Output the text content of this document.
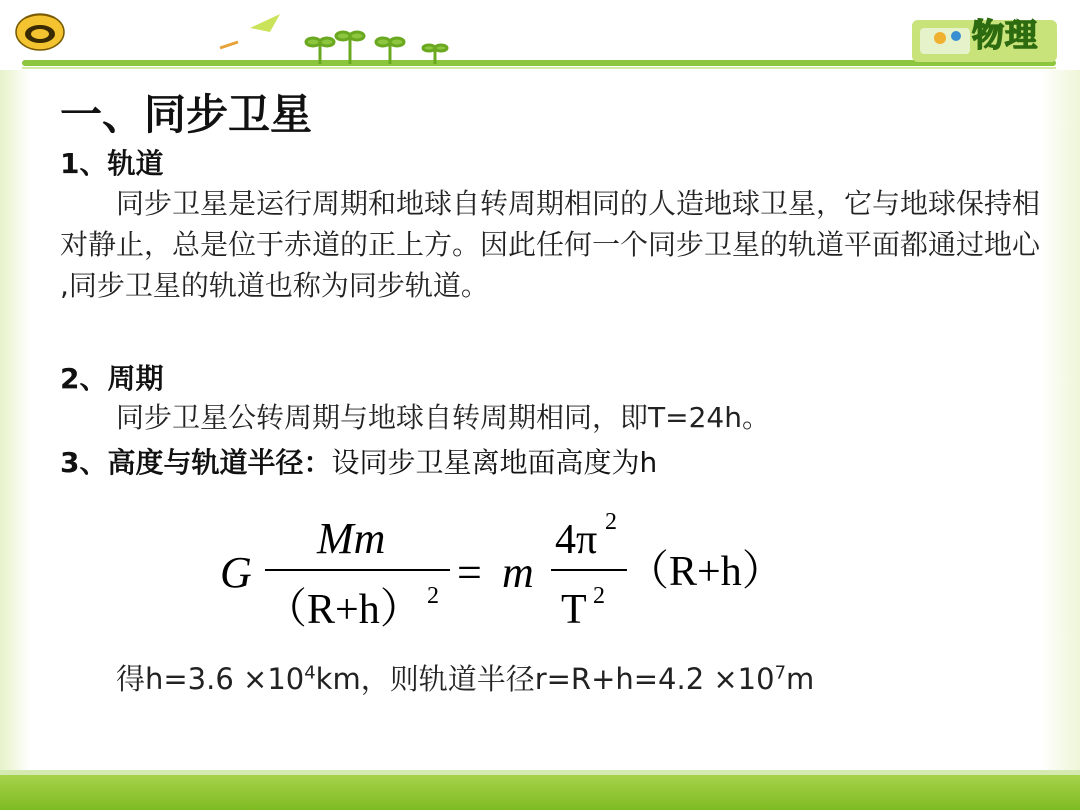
物理
一、同步卫星
1、轨道
同步卫星是运行周期和地球自转周期相同的人造地球卫星，它与地球保持相对静止，总是位于赤道的正上方。因此任何一个同步卫星的轨道平面都通过地心 ,同步卫星的轨道也称为同步轨道。
2、周期
同步卫星公转周期与地球自转周期相同，即T=24h。
3、高度与轨道半径：设同步卫星离地面高度为h
G
Mm
（R+h） 2 = m
4π 2
T 2
（R+h）
得$h=3.6 \times 10^4km$，则轨道半径$r=R+h=4.2 \times 10^7m$
